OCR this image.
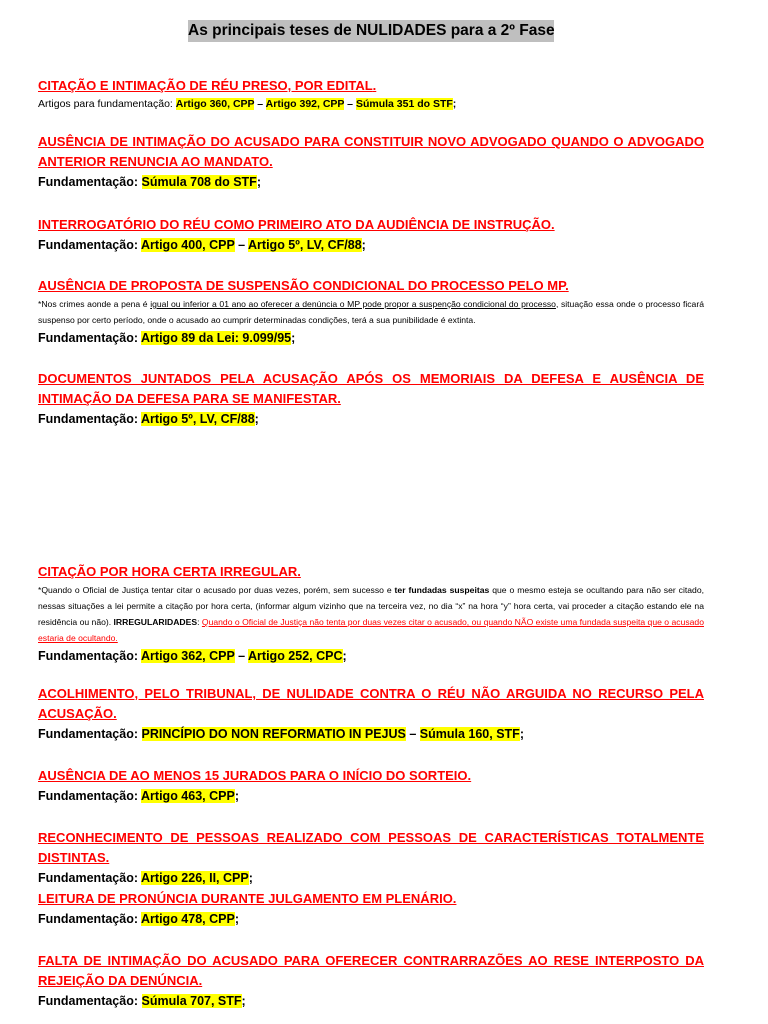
As principais teses de NULIDADES para a 2º Fase
CITAÇÃO E INTIMAÇÃO DE RÉU PRESO, POR EDITAL.
Artigos para fundamentação: Artigo 360, CPP – Artigo 392, CPP – Súmula 351 do STF;
AUSÊNCIA DE INTIMAÇÃO DO ACUSADO PARA CONSTITUIR NOVO ADVOGADO QUANDO O ADVOGADO ANTERIOR RENUNCIA AO MANDATO.
Fundamentação: Súmula 708 do STF;
INTERROGATÓRIO DO RÉU COMO PRIMEIRO ATO DA AUDIÊNCIA DE INSTRUÇÃO.
Fundamentação: Artigo 400, CPP – Artigo 5º, LV, CF/88;
AUSÊNCIA DE PROPOSTA DE SUSPENSÃO CONDICIONAL DO PROCESSO PELO MP.
*Nos crimes aonde a pena é igual ou inferior a 01 ano ao oferecer a denúncia o MP pode propor a suspenção condicional do processo, situação essa onde o processo ficará suspenso por certo período, onde o acusado ao cumprir determinadas condições, terá a sua punibilidade é extinta.
Fundamentação: Artigo 89 da Lei: 9.099/95;
DOCUMENTOS JUNTADOS PELA ACUSAÇÃO APÓS OS MEMORIAIS DA DEFESA E AUSÊNCIA DE INTIMAÇÃO DA DEFESA PARA SE MANIFESTAR.
Fundamentação: Artigo 5º, LV, CF/88;
CITAÇÃO POR HORA CERTA IRREGULAR.
*Quando o Oficial de Justiça tentar citar o acusado por duas vezes, porém, sem sucesso e ter fundadas suspeitas que o mesmo esteja se ocultando para não ser citado, nessas situações a lei permite a citação por hora certa, (informar algum vizinho que na terceira vez, no dia “x” na hora “y” hora certa, vai proceder a citação estando ele na residência ou não). IRREGULARIDADES: Quando o Oficial de Justiça não tenta por duas vezes citar o acusado, ou quando NÃO existe uma fundada suspeita que o acusado estaria de ocultando.
Fundamentação: Artigo 362, CPP – Artigo 252, CPC;
ACOLHIMENTO, PELO TRIBUNAL, DE NULIDADE CONTRA O RÉU NÃO ARGUIDA NO RECURSO PELA ACUSAÇÃO.
Fundamentação: PRINCÍPIO DO NON REFORMATIO IN PEJUS – Súmula 160, STF;
AUSÊNCIA DE AO MENOS 15 JURADOS PARA O INÍCIO DO SORTEIO.
Fundamentação: Artigo 463, CPP;
RECONHECIMENTO DE PESSOAS REALIZADO COM PESSOAS DE CARACTERÍSTICAS TOTALMENTE DISTINTAS.
Fundamentação: Artigo 226, II, CPP;
LEITURA DE PRONÚNCIA DURANTE JULGAMENTO EM PLENÁRIO.
Fundamentação: Artigo 478, CPP;
FALTA DE INTIMAÇÃO DO ACUSADO PARA OFERECER CONTRARRAZÕES AO RESE INTERPOSTO DA REJEIÇÃO DA DENÚNCIA.
Fundamentação: Súmula 707, STF;
